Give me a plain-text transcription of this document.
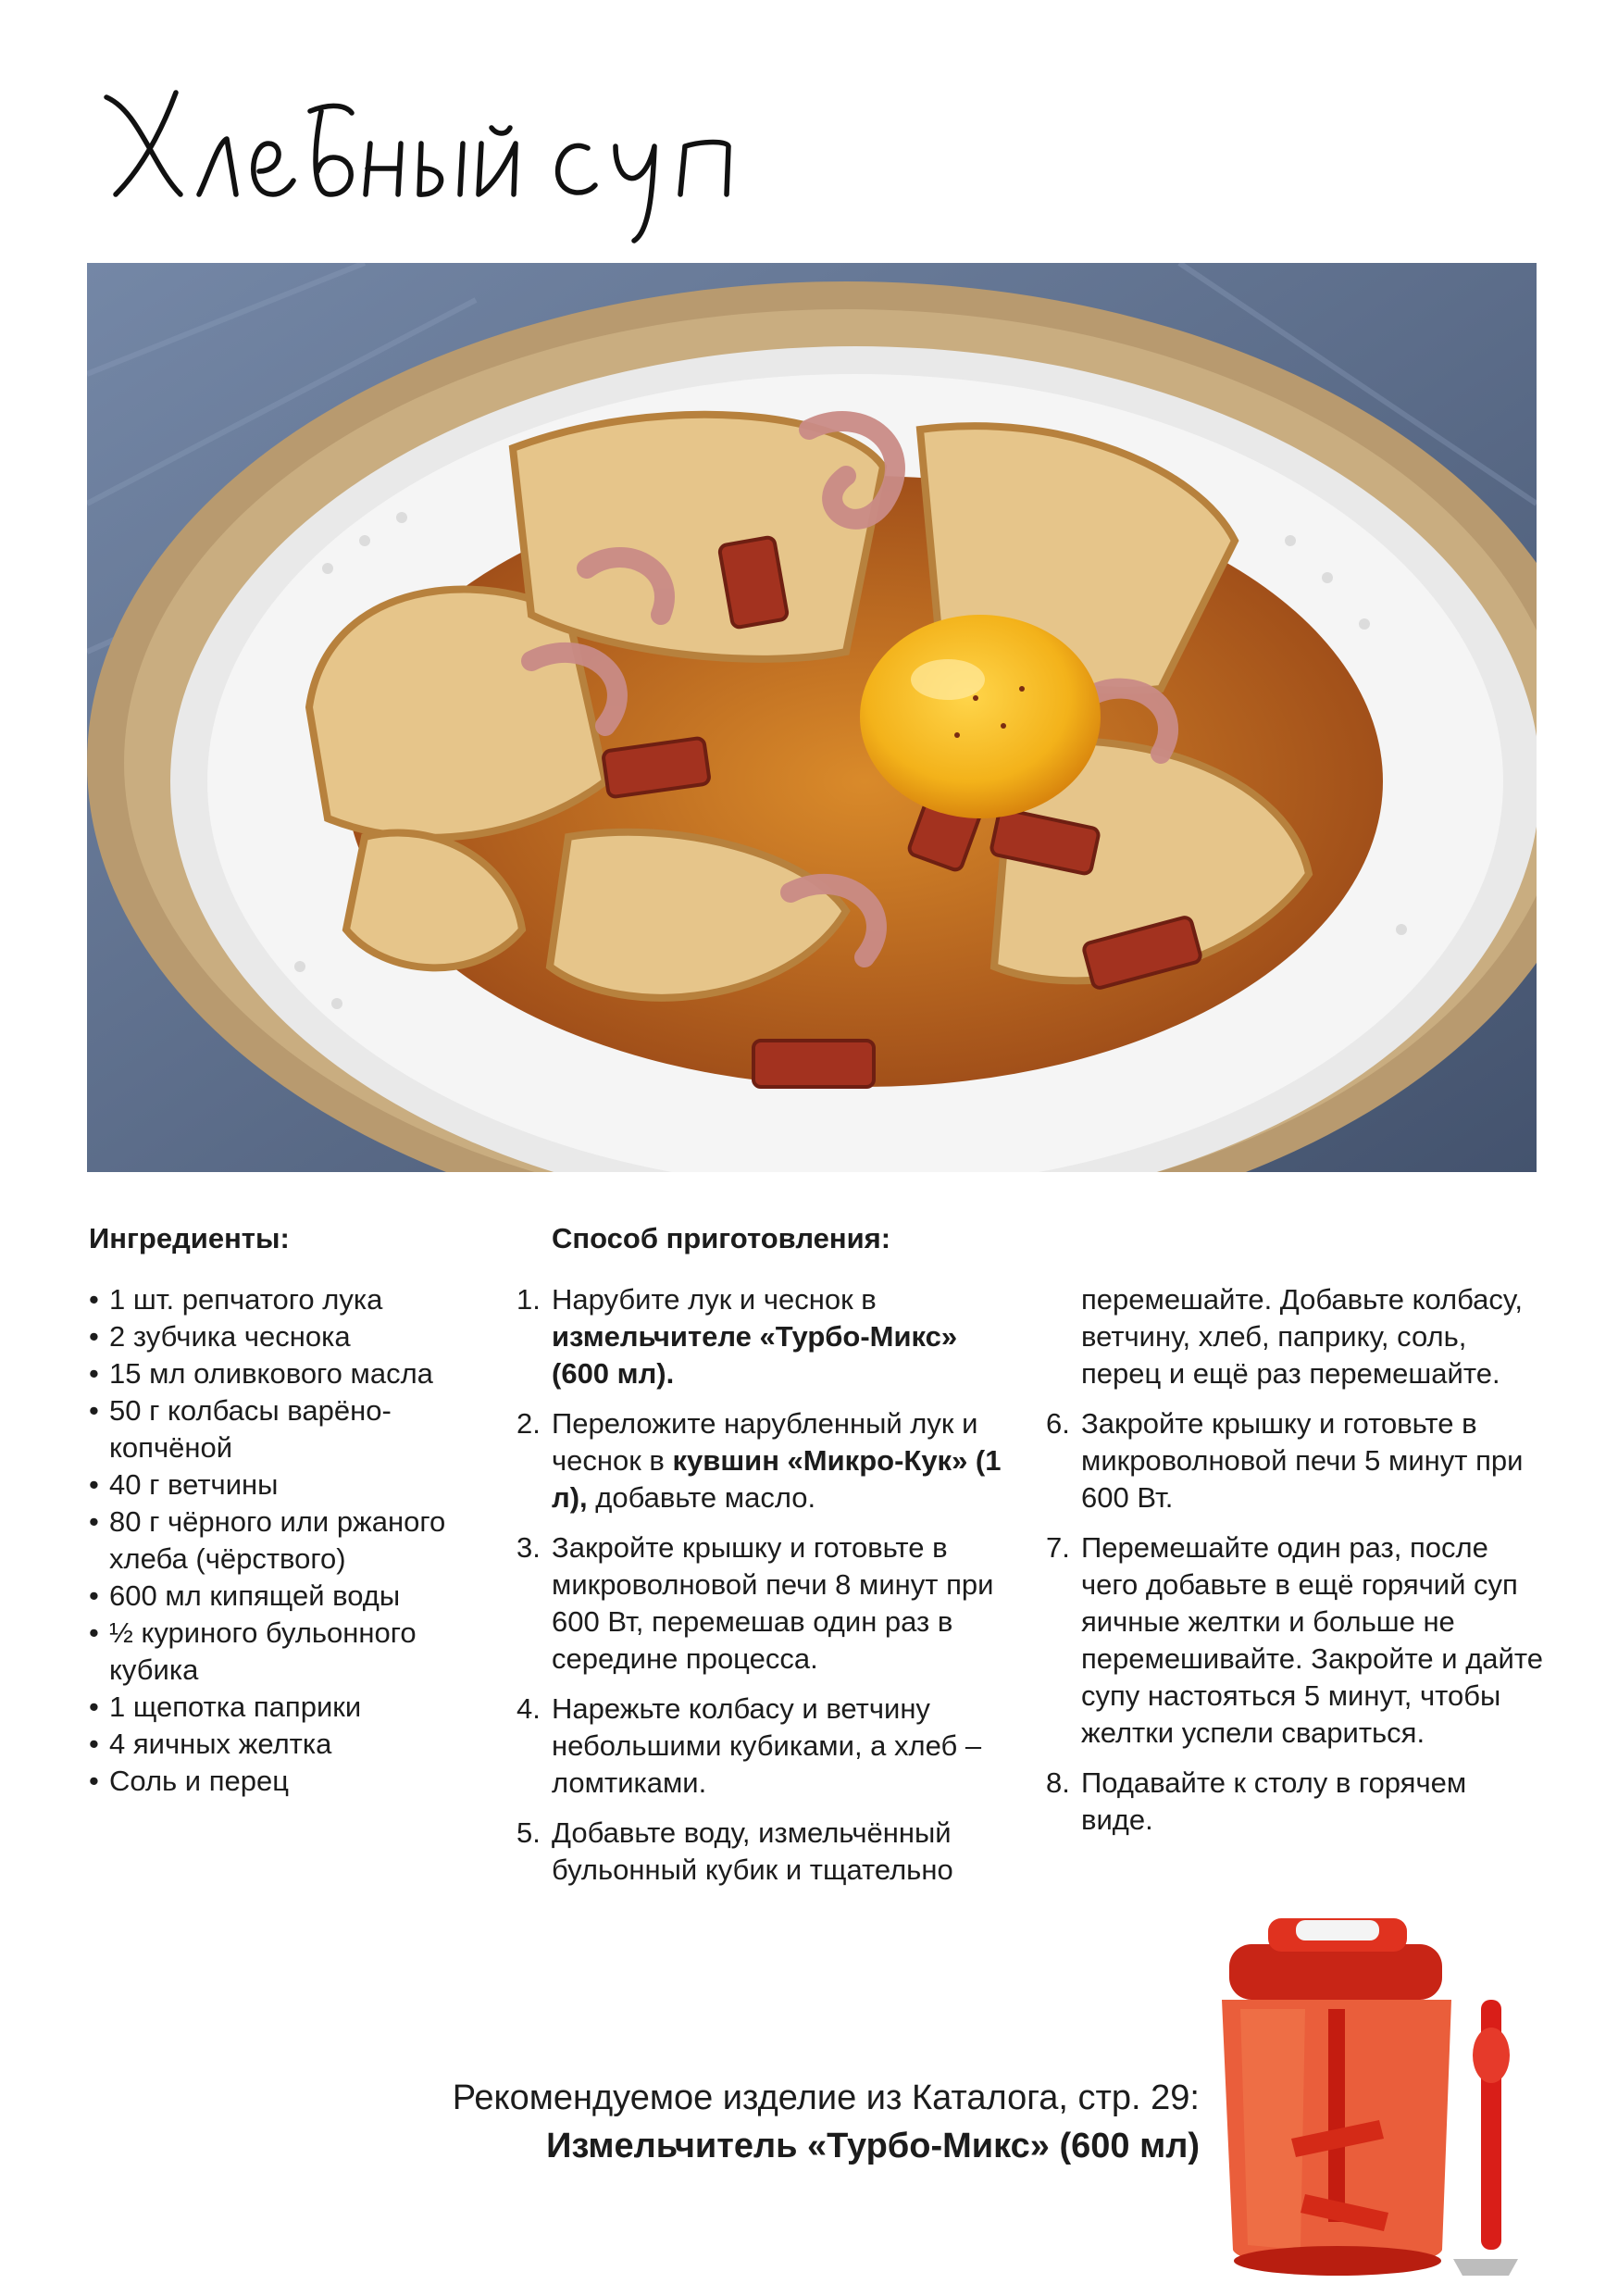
Ингредиенты:
• 1 шт. репчатого лука
• 2 зубчика чеснока
• 15 мл оливкового масла
• 50 г колбасы варёно-копчёной
• 40 г ветчины
• 80 г чёрного или ржаного хлеба (чёрствого)
• 600 мл кипящей воды
• ½ куриного бульонного кубика
• 1 щепотка паприки
• 4 яичных желтка
• Соль и перец
Способ приготовления:
1. Нарубите лук и чеснок в измельчителе «Турбо-Микс» (600 мл).
2. Переложите нарубленный лук и чеснок в кувшин «Микро-Кук» (1 л), добавьте масло.
3. Закройте крышку и готовьте в микроволновой печи 8 минут при 600 Вт, перемешав один раз в середине процесса.
4. Нарежьте колбасу и ветчину небольшими кубиками, а хлеб – ломтиками.
5. Добавьте воду, измельчённый бульонный кубик и тщательно
перемешайте. Добавьте колбасу, ветчину, хлеб, паприку, соль, перец и ещё раз перемешайте.
6. Закройте крышку и готовьте в микроволновой печи 5 минут при 600 Вт.
7. Перемешайте один раз, после чего добавьте в ещё горячий суп яичные желтки и больше не перемешивайте. Закройте и дайте супу настояться 5 минут, чтобы желтки успели свариться.
8. Подавайте к столу в горячем виде.
Рекомендуемое изделие из Каталога, стр. 29:
Измельчитель «Турбо-Микс» (600 мл)
